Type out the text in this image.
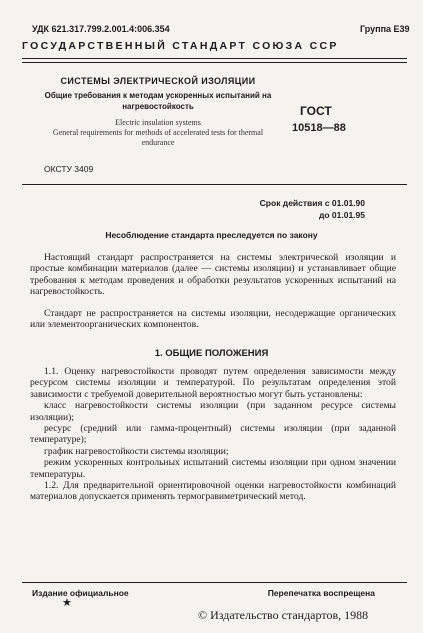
УДК 621.317.799.2.001.4:006.354	Группа Е39
ГОСУДАРСТВЕННЫЙ СТАНДАРТ СОЮЗА ССР
СИСТЕМЫ ЭЛЕКТРИЧЕСКОЙ ИЗОЛЯЦИИ
Общие требования к методам ускоренных испытаний на нагревостойкость
Electric insulation systems
General requirements for methods of accelerated tests for thermal endurance
ГОСТ
10518—88
ОКСТУ 3409
Срок действия с 01.01.90
до 01.01.95
Несоблюдение стандарта преследуется по закону

Настоящий стандарт распространяется на системы электрической изоляции и простые комбинации материалов (далее — системы изоляции) и устанавливает общие требования к методам проведения и обработки результатов ускоренных испытаний на нагревостойкость.

Стандарт не распространяется на системы изоляции, несодержащие органических или элементоорганических компонентов.

1. ОБЩИЕ ПОЛОЖЕНИЯ

1.1. Оценку нагревостойкости проводят путем определения зависимости между ресурсом системы изоляции и температурой. По результатам определения этой зависимости с требуемой доверительной вероятностью могут быть установлены:

класс нагревостойкости системы изоляции (при заданном ресурсе системы изоляции);

ресурс (средний или гамма-процентный) системы изоляции (при заданной температуре);

график нагревостойкости системы изоляции;

режим ускоренных контрольных испытаний системы изоляции при одном значении температуры.

1.2. Для предварительной ориентировочной оценки нагревостойкости комбинаций материалов допускается применять термогравиметрический метод.

Издание официальное	Перепечатка воспрещена
★
© Издательство стандартов, 1988
